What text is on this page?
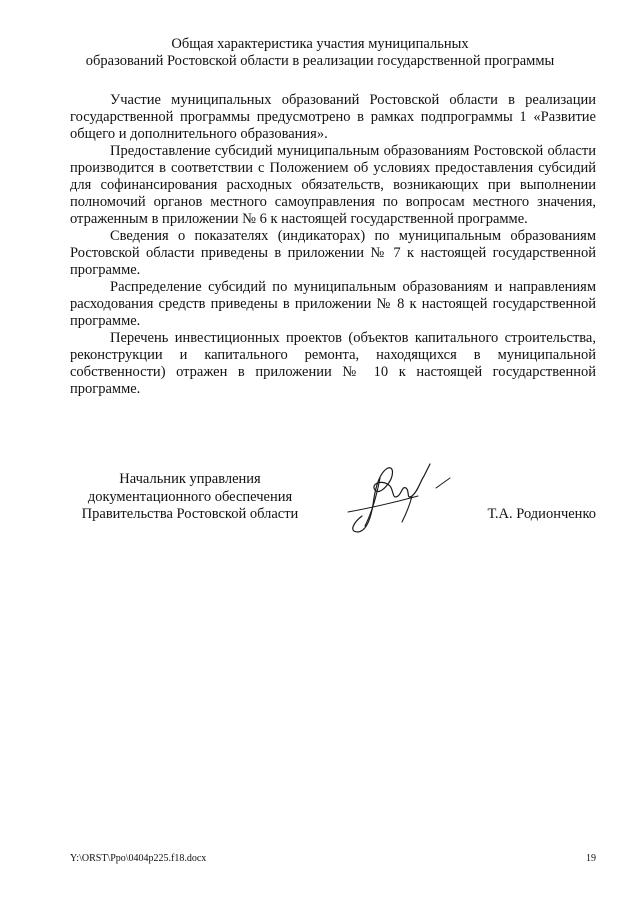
Общая характеристика участия муниципальных
образований Ростовской области в реализации государственной программы

Участие муниципальных образований Ростовской области в реализации государственной программы предусмотрено в рамках подпрограммы 1 «Развитие общего и дополнительного образования».

Предоставление субсидий муниципальным образованиям Ростовской области производится в соответствии с Положением об условиях предоставления субсидий для софинансирования расходных обязательств, возникающих при выполнении полномочий органов местного самоуправления по вопросам местного значения, отраженным в приложении № 6 к настоящей государственной программе.

Сведения о показателях (индикаторах) по муниципальным образованиям Ростовской области приведены в приложении № 7 к настоящей государственной программе.

Распределение субсидий по муниципальным образованиям и направлениям расходования средств приведены в приложении № 8 к настоящей государственной программе.

Перечень инвестиционных проектов (объектов капитального строительства, реконструкции и капитального ремонта, находящихся в муниципальной собственности) отражен в приложении № 10 к настоящей государственной программе.

Начальник управления
документационного обеспечения
Правительства Ростовской области	Т.А. Родионченко
Y:\ORST\Ppo\0404p225.f18.docx	19
